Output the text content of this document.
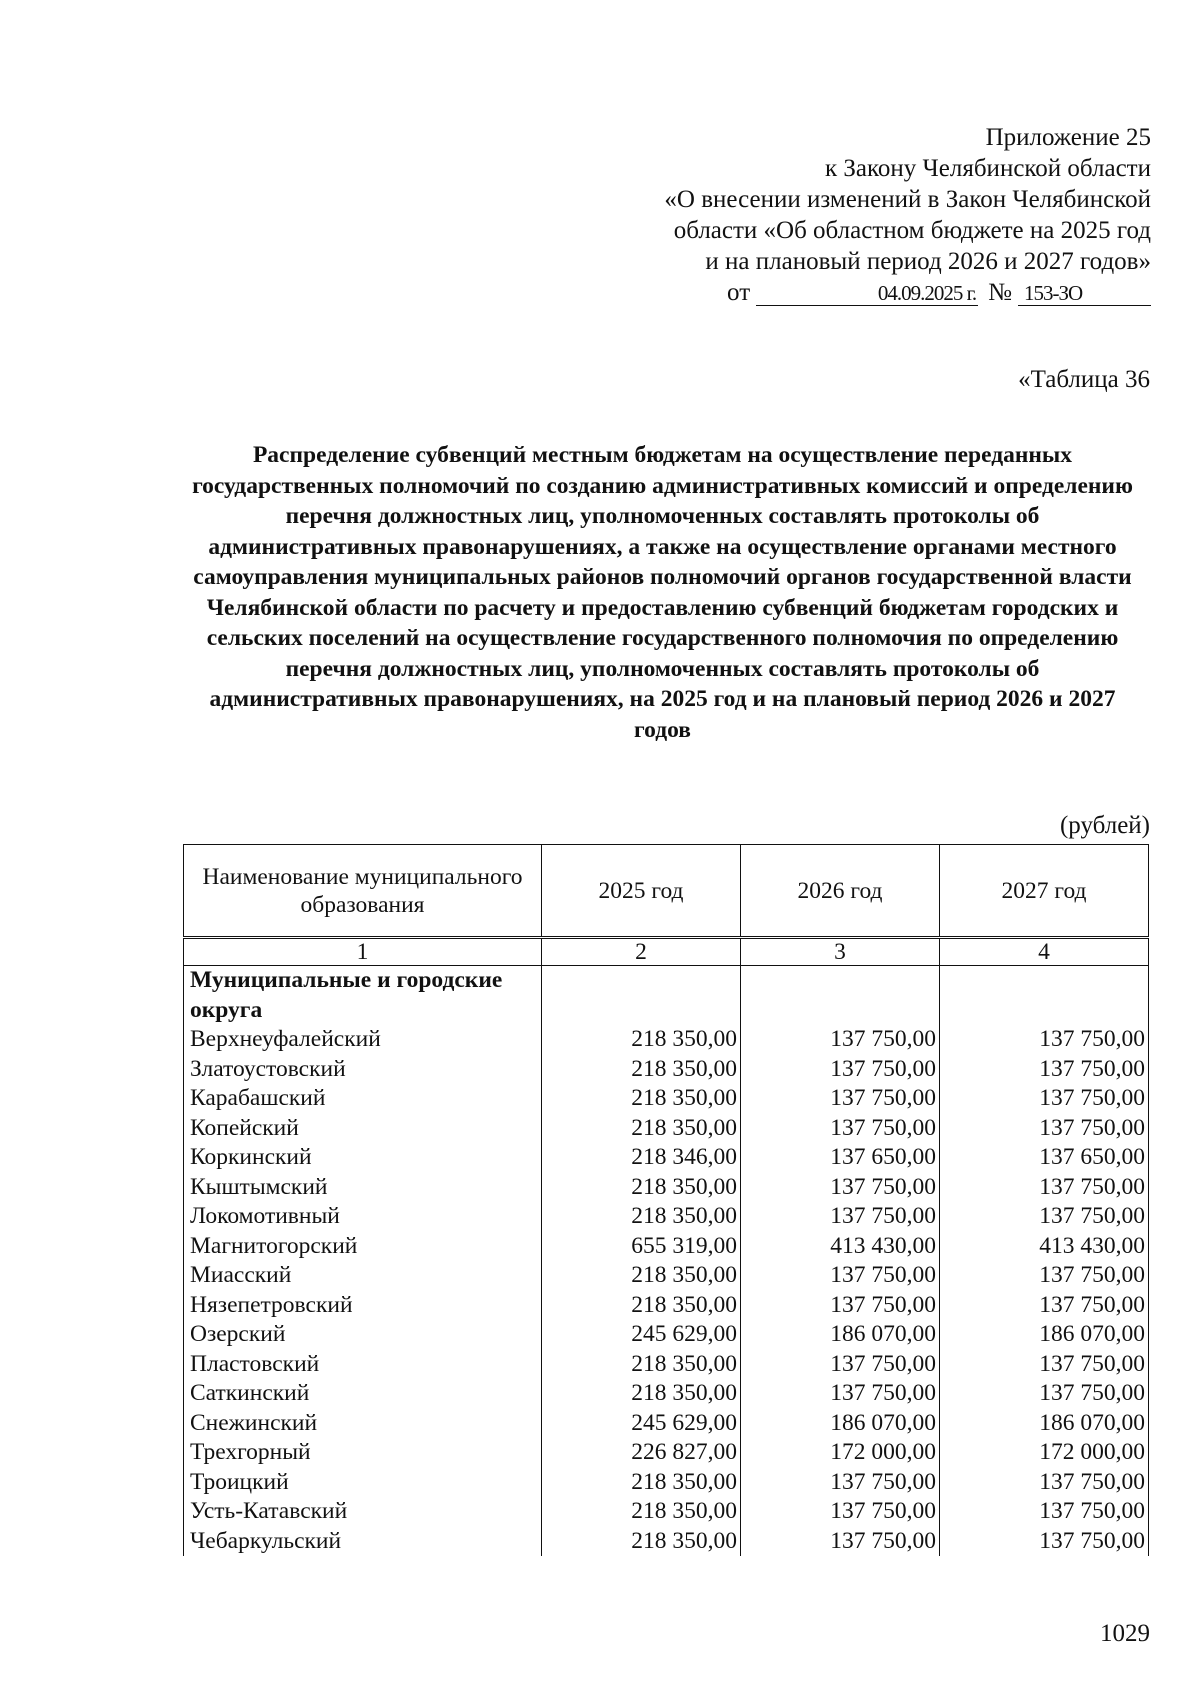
Приложение 25
к Закону Челябинской области
«О внесении изменений в Закон Челябинской
области «Об областном бюджете на 2025 год
и на плановый период 2026 и 2027 годов»
от	04.09.2025 г. № 153-ЗО
«Таблица 36
Распределение субвенций местным бюджетам на осуществление переданных государственных полномочий по созданию административных комиссий и определению перечня должностных лиц, уполномоченных составлять протоколы об административных правонарушениях, а также на осуществление органами местного самоуправления муниципальных районов полномочий органов государственной власти Челябинской области по расчету и предоставлению субвенций бюджетам городских и сельских поселений на осуществление государственного полномочия по определению перечня должностных лиц, уполномоченных составлять протоколы об административных правонарушениях, на 2025 год и на плановый период 2026 и 2027 годов
(рублей)
Наименование муниципального образования	2025 год	2026 год	2027 год
1	2	3	4
Муниципальные и городские округа			
Верхнеуфалейский	218 350,00	137 750,00	137 750,00
Златоустовский	218 350,00	137 750,00	137 750,00
Карабашский	218 350,00	137 750,00	137 750,00
Копейский	218 350,00	137 750,00	137 750,00
Коркинский	218 346,00	137 650,00	137 650,00
Кыштымский	218 350,00	137 750,00	137 750,00
Локомотивный	218 350,00	137 750,00	137 750,00
Магнитогорский	655 319,00	413 430,00	413 430,00
Миасский	218 350,00	137 750,00	137 750,00
Нязепетровский	218 350,00	137 750,00	137 750,00
Озерский	245 629,00	186 070,00	186 070,00
Пластовский	218 350,00	137 750,00	137 750,00
Саткинский	218 350,00	137 750,00	137 750,00
Снежинский	245 629,00	186 070,00	186 070,00
Трехгорный	226 827,00	172 000,00	172 000,00
Троицкий	218 350,00	137 750,00	137 750,00
Усть-Катавский	218 350,00	137 750,00	137 750,00
Чебаркульский	218 350,00	137 750,00	137 750,00
1029
